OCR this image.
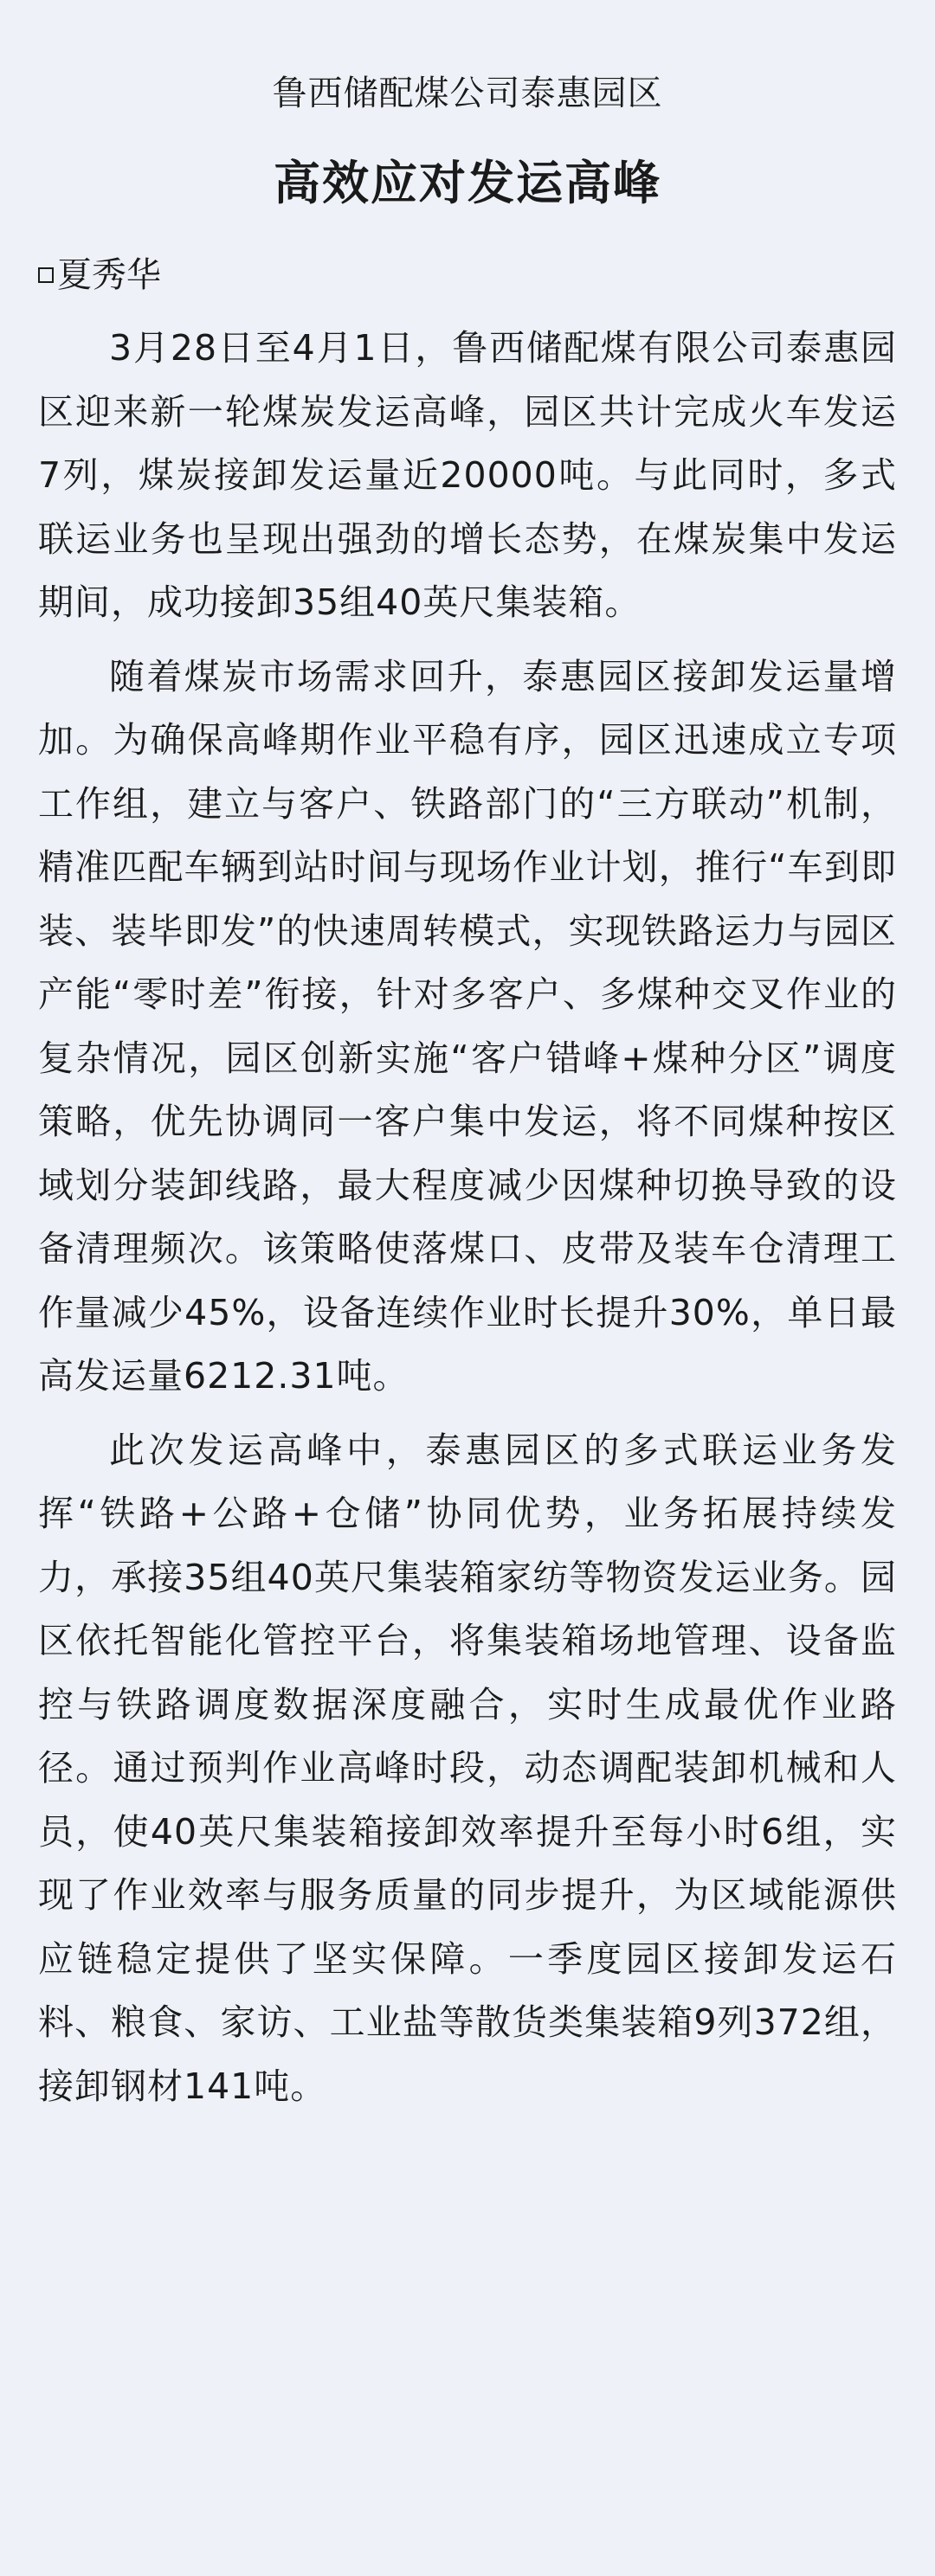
鲁西储配煤公司泰惠园区

高效应对发运高峰
夏秀华

3月28日至4月1日，鲁西储配煤有限公司泰惠园区迎来新一轮煤炭发运高峰，园区共计完成火车发运7列，煤炭接卸发运量近20000吨。与此同时，多式联运业务也呈现出强劲的增长态势，在煤炭集中发运期间，成功接卸35组40英尺集装箱。

随着煤炭市场需求回升，泰惠园区接卸发运量增加。为确保高峰期作业平稳有序，园区迅速成立专项工作组，建立与客户、铁路部门的“三方联动”机制，精准匹配车辆到站时间与现场作业计划，推行“车到即装、装毕即发”的快速周转模式，实现铁路运力与园区产能“零时差”衔接，针对多客户、多煤种交叉作业的复杂情况，园区创新实施“客户错峰+煤种分区”调度策略，优先协调同一客户集中发运，将不同煤种按区域划分装卸线路，最大程度减少因煤种切换导致的设备清理频次。该策略使落煤口、皮带及装车仓清理工作量减少45%，设备连续作业时长提升30%，单日最高发运量6212.31吨。

此次发运高峰中，泰惠园区的多式联运业务发挥“铁路+公路+仓储”协同优势，业务拓展持续发力，承接35组40英尺集装箱家纺等物资发运业务。园区依托智能化管控平台，将集装箱场地管理、设备监控与铁路调度数据深度融合，实时生成最优作业路径。通过预判作业高峰时段，动态调配装卸机械和人员，使40英尺集装箱接卸效率提升至每小时6组，实现了作业效率与服务质量的同步提升，为区域能源供应链稳定提供了坚实保障。一季度园区接卸发运石料、粮食、家访、工业盐等散货类集装箱9列372组，接卸钢材141吨。
